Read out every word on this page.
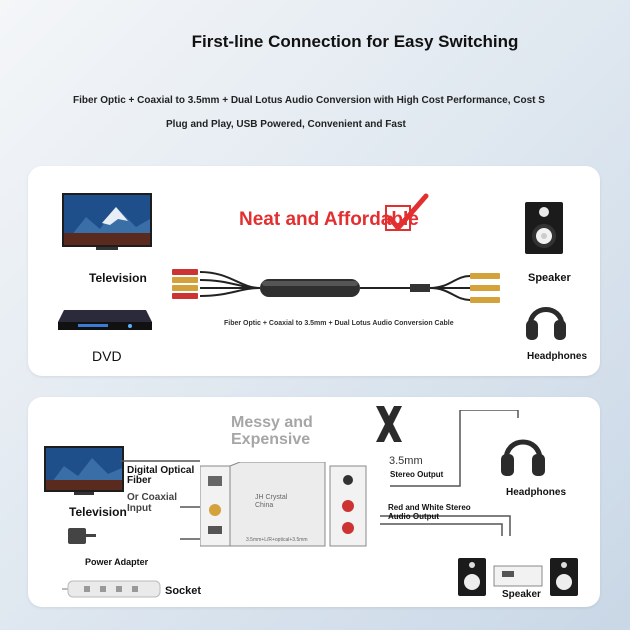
First-line Connection for Easy Switching
Fiber Optic + Coaxial to 3.5mm + Dual Lotus Audio Conversion with High Cost Performance, Cost S
Plug and Play, USB Powered, Convenient and Fast
Television
DVD
Neat and Affordable
Fiber Optic + Coaxial to 3.5mm + Dual Lotus Audio Conversion Cable
Speaker
Headphones
Messy and
Expensive
Television
Digital Optical
Fiber
Or Coaxial
Input
Power Adapter
Socket
JH Crystal
China
3.5mm+L/R+optical+3.5mm
3.5mm
Stereo Output
Red and White Stereo
Audio Output
Headphones
Speaker
